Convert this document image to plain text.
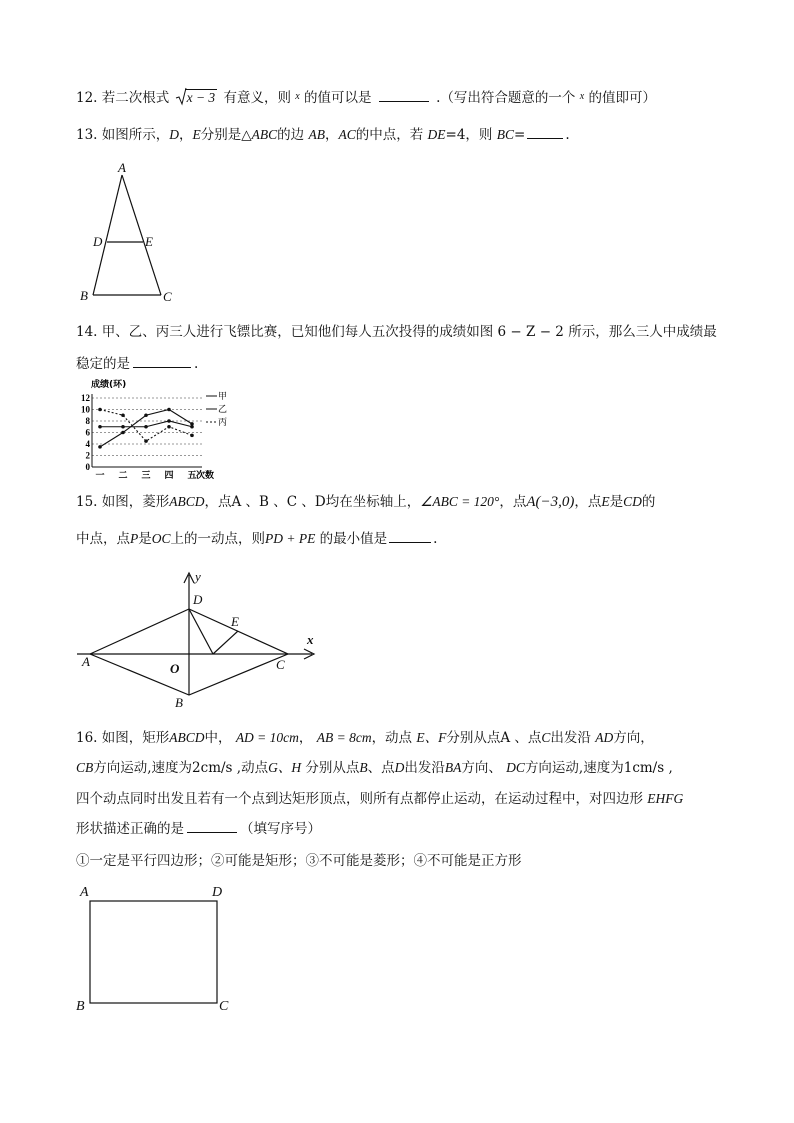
12. 若二次根式 x − 3 有意义，则 $^x$ 的值可以是	.（写出符合题意的一个 $^x$ 的值即可）
13. 如图所示，D，E分别是△ABC的边 AB，AC的中点，若 DE=4，则 BC=	.
A
D	E
B	C
14. 甲、乙、丙三人进行飞镖比赛，已知他们每人五次投得的成绩如图 6 − Z − 2 所示，那么三人中成绩最
稳定的是	.
成绩(环)
12
10
8
6
4
2
0
一 二 三 四 五 次数
甲
乙
丙
15. 如图，菱形ABCD，点A 、B 、C 、D均在坐标轴上，∠ABC = 120°，点A(−3,0)，点E是CD的
中点，点P是OC上的一动点，则PD + PE 的最小值是	.
y
x
D
E
A	O	C
B
16. 如图，矩形ABCD中， AD = 10cm， AB = 8cm，动点 E、F分别从点A 、点C出发沿 AD方向，
CB方向运动,速度为2cm/s ,动点G、H 分别从点B、点D出发沿BA方向、 DC方向运动,速度为1cm/s ,
四个动点同时出发且若有一个点到达矩形顶点，则所有点都停止运动，在运动过程中，对四边形 EHFG
形状描述正确的是	（填写序号）
①一定是平行四边形；②可能是矩形；③不可能是菱形；④不可能是正方形
A	D
B	C
